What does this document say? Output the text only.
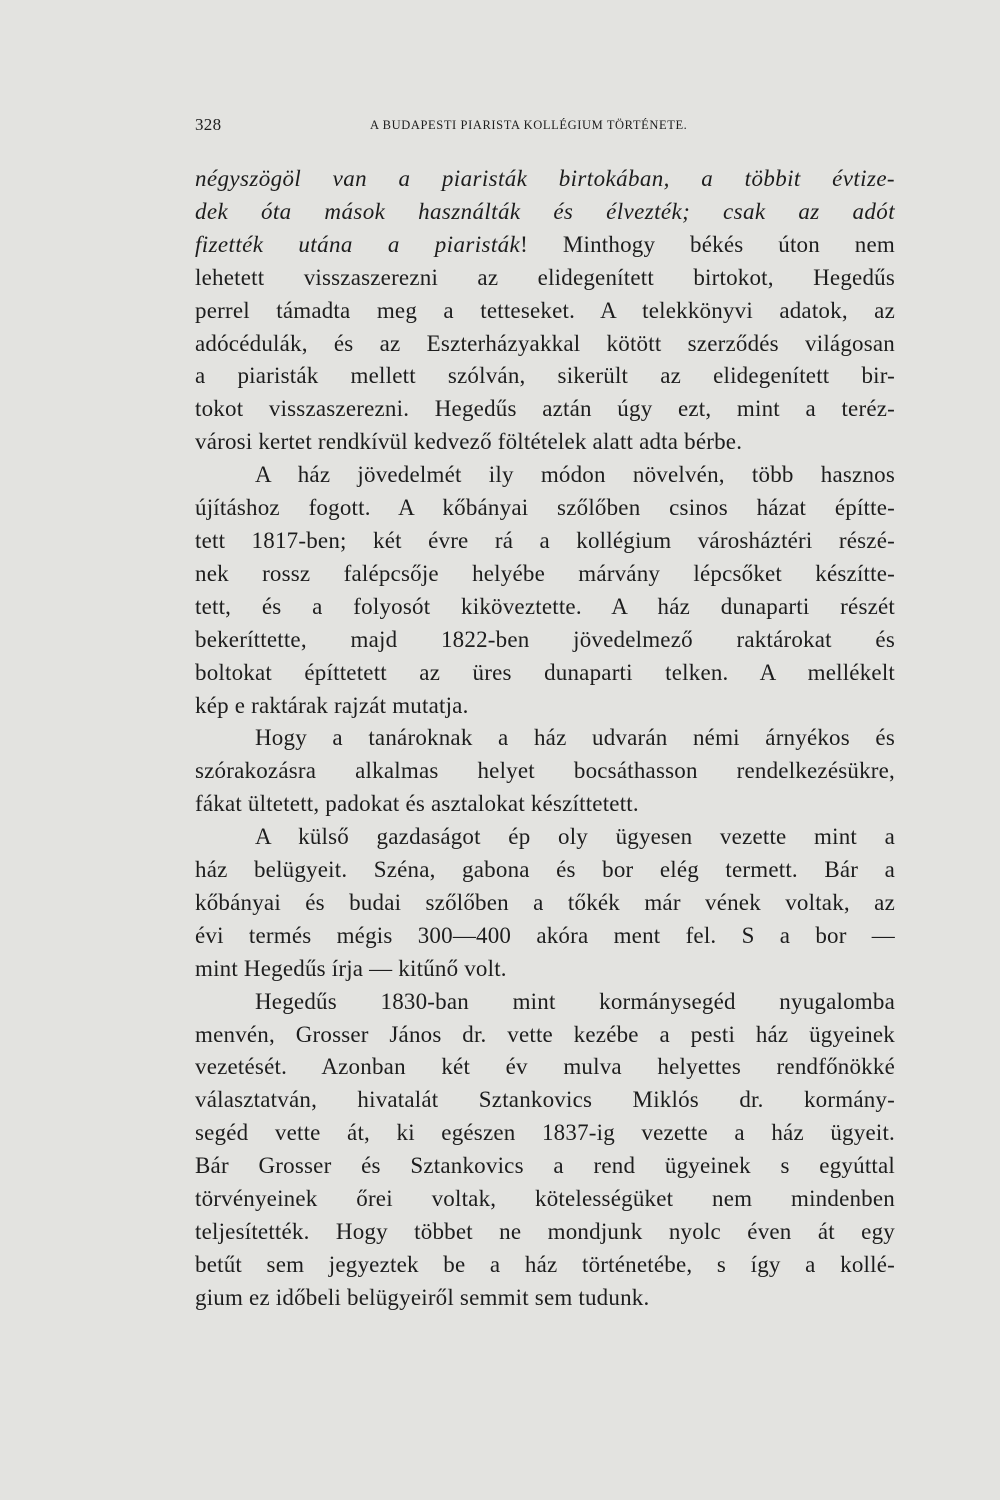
328	A BUDAPESTI PIARISTA KOLLÉGIUM TÖRTÉNETE.
négyszögöl van a piaristák birtokában, a többit évtize-
dek óta mások használták és élvezték; csak az adót
fizették utána a piaristák! Minthogy békés úton nem
lehetett visszaszerezni az elidegenített birtokot, Hegedűs
perrel támadta meg a tetteseket. A telekkönyvi adatok, az
adócédulák, és az Eszterházyakkal kötött szerződés világosan
a piaristák mellett szólván, sikerült az elidegenített bir-
tokot visszaszerezni. Hegedűs aztán úgy ezt, mint a teréz-
városi kertet rendkívül kedvező föltételek alatt adta bérbe.
A ház jövedelmét ily módon növelvén, több hasznos
újításhoz fogott. A kőbányai szőlőben csinos házat építte-
tett 1817-ben; két évre rá a kollégium városháztéri részé-
nek rossz falépcsője helyébe márvány lépcsőket készítte-
tett, és a folyosót kiköveztette. A ház dunaparti részét
bekeríttette, majd 1822-ben jövedelmező raktárokat és
boltokat építtetett az üres dunaparti telken. A mellékelt
kép e raktárak rajzát mutatja.
Hogy a tanároknak a ház udvarán némi árnyékos és
szórakozásra alkalmas helyet bocsáthasson rendelkezésükre,
fákat ültetett, padokat és asztalokat készíttetett.
A külső gazdaságot ép oly ügyesen vezette mint a
ház belügyeit. Széna, gabona és bor elég termett. Bár a
kőbányai és budai szőlőben a tőkék már vének voltak, az
évi termés mégis 300—400 akóra ment fel. S a bor —
mint Hegedűs írja — kitűnő volt.
Hegedűs 1830-ban mint kormánysegéd nyugalomba
menvén, Grosser János dr. vette kezébe a pesti ház ügyeinek
vezetését. Azonban két év mulva helyettes rendfőnökké
választatván, hivatalát Sztankovics Miklós dr. kormány-
segéd vette át, ki egészen 1837-ig vezette a ház ügyeit.
Bár Grosser és Sztankovics a rend ügyeinek s egyúttal
törvényeinek őrei voltak, kötelességüket nem mindenben
teljesítették. Hogy többet ne mondjunk nyolc éven át egy
betűt sem jegyeztek be a ház történetébe, s így a kollé-
gium ez időbeli belügyeiről semmit sem tudunk.
